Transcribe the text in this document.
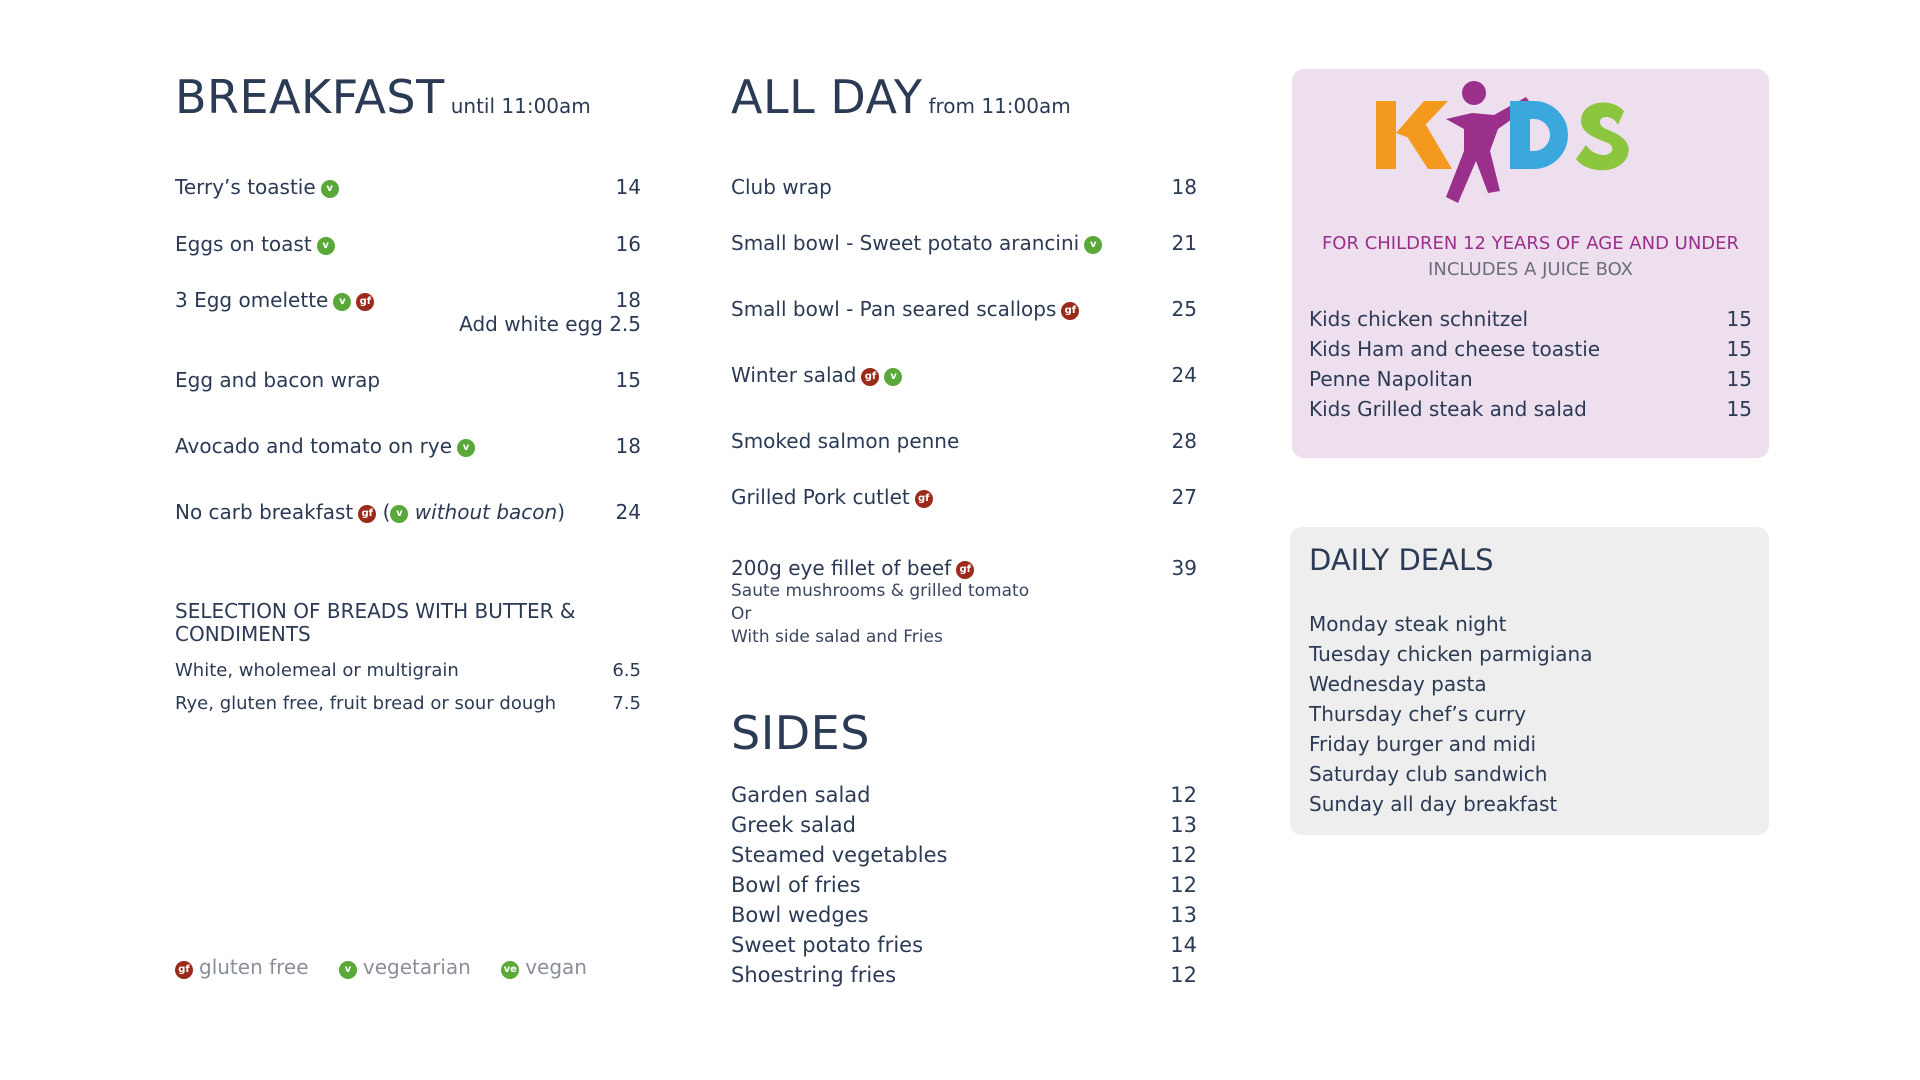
BREAKFAST until 11:00am
Terry’s toastie v	14
Eggs on toast v	16
3 Egg omelette v gf	18
Add white egg 2.5
Egg and bacon wrap	15
Avocado and tomato on rye v	18
No carb breakfast gf ( v without bacon)	24
SELECTION OF BREADS WITH BUTTER & CONDIMENTS
White, wholemeal or multigrain	6.5
Rye, gluten free, fruit bread or sour dough	7.5
ALL DAY from 11:00am
Club wrap	18
Small bowl - Sweet potato arancini v	21
Small bowl - Pan seared scallops gf	25
Winter salad gf v	24
Smoked salmon penne	28
Grilled Pork cutlet gf	27
200g eye fillet of beef gf	39
Saute mushrooms & grilled tomato
Or
With side salad and Fries
SIDES
Garden salad	12
Greek salad	13
Steamed vegetables	12
Bowl of fries	12
Bowl wedges	13
Sweet potato fries	14
Shoestring fries	12
gf gluten free	v vegetarian	ve vegan
FOR CHILDREN 12 YEARS OF AGE AND UNDER
INCLUDES A JUICE BOX
Kids chicken schnitzel	15
Kids Ham and cheese toastie	15
Penne Napolitan	15
Kids Grilled steak and salad	15
DAILY DEALS
Monday steak night
Tuesday chicken parmigiana
Wednesday pasta
Thursday chef’s curry
Friday burger and midi
Saturday club sandwich
Sunday all day breakfast
